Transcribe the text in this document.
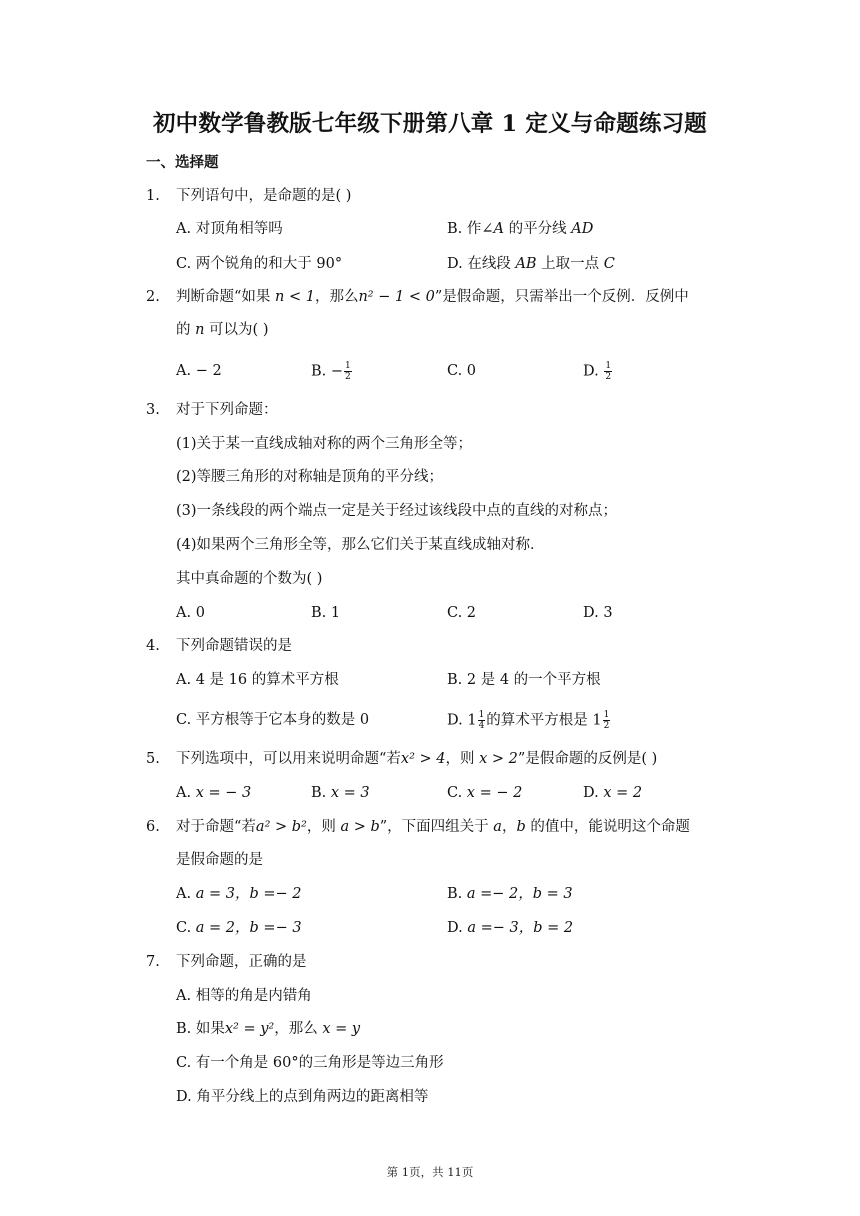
初中数学鲁教版七年级下册第八章 1 定义与命题练习题
一、选择题
1. 下列语句中，是命题的是( )
A. 对顶角相等吗	B. 作∠A 的平分线 AD
C. 两个锐角的和大于 90°	D. 在线段 AB 上取一点 C
2. 判断命题“如果 n < 1，那么n² − 1 < 0”是假命题，只需举出一个反例．反例中
的 n 可以为( )
A. − 2	B. − $\frac{1}{2}$	C. 0	D. $\frac{1}{2}$
3. 对于下列命题：
(1)关于某一直线成轴对称的两个三角形全等；
(2)等腰三角形的对称轴是顶角的平分线；
(3)一条线段的两个端点一定是关于经过该线段中点的直线的对称点；
(4)如果两个三角形全等，那么它们关于某直线成轴对称．
其中真命题的个数为( )
A. 0	B. 1	C. 2	D. 3
4. 下列命题错误的是
A. 4 是 16 的算术平方根	B. 2 是 4 的一个平方根
C. 平方根等于它本身的数是 0	D. $1 \frac{1}{4}$ 的算术平方根是 $1 \frac{1}{2}$
5. 下列选项中，可以用来说明命题“若x² > 4，则 x > 2”是假命题的反例是( )
A. x = − 3	B. x = 3	C. x = − 2	D. x = 2
6. 对于命题“若a² > b²，则 a > b”，下面四组关于 a，b 的值中，能说明这个命题
是假命题的是
A. a = 3，b =− 2	B. a =− 2，b = 3
C. a = 2，b =− 3	D. a =− 3，b = 2
7. 下列命题，正确的是
A. 相等的角是内错角
B. 如果x² = y²，那么 x = y
C. 有一个角是 60°的三角形是等边三角形
D. 角平分线上的点到角两边的距离相等
第 1页，共 11页
